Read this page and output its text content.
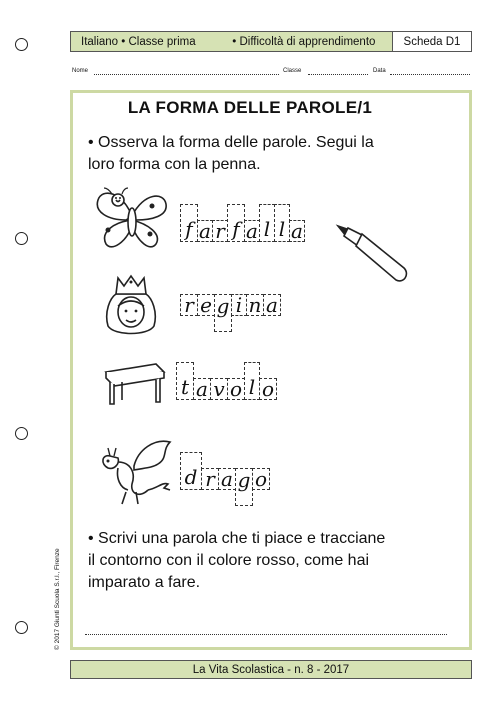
Italiano • Classe prima	• Difficoltà di apprendimento	Scheda D1
Nome	Classe	Data
LA FORMA DELLE PAROLE/1
• Osserva la forma delle parole. Segui la
loro forma con la penna.
f a r f a l l a
r e g i n a
t a v o l o
d r a g o
• Scrivi una parola che ti piace e tracciane
il contorno con il colore rosso, come hai
imparato a fare.
© 2017 Giunti Scuola S.r.l., Firenze
La Vita Scolastica - n. 8 - 2017
